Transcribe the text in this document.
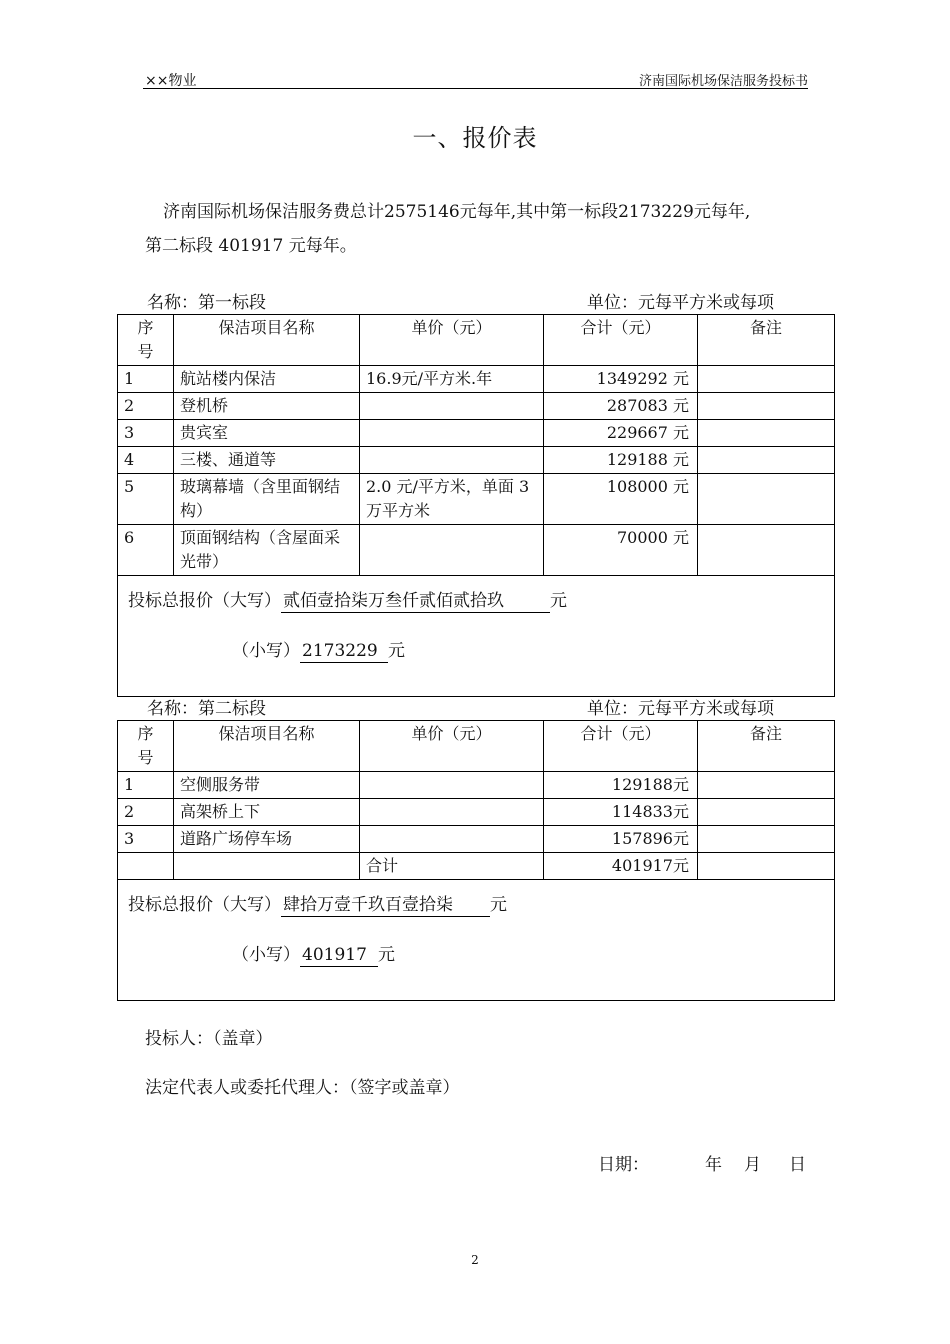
××物业	济南国际机场保洁服务投标书
一、报价表
济南国际机场保洁服务费总计2575146元每年,其中第一标段2173229元每年,
第二标段 401917 元每年。
名称：第一标段	单位：元每平方米或每项
序
号	保洁项目名称	单价（元）	合计（元）	备注
1	航站楼内保洁	16.9元/平方米.年	1349292 元	
2	登机桥		287083 元	
3	贵宾室		229667 元	
4	三楼、通道等		129188 元	
5	玻璃幕墙（含里面钢结构）	2.0 元/平方米，单面 3 万平方米	108000 元	
6	顶面钢结构（含屋面采光带）		70000 元	

投标总报价（大写） 贰佰壹拾柒万叁仟贰佰贰拾玖 元
（小写） 2173229 元				
名称：第二标段	单位：元每平方米或每项
序
号	保洁项目名称	单价（元）	合计（元）	备注
1	空侧服务带		129188元	
2	高架桥上下		114833元	
3	道路广场停车场		157896元	
		合计	401917元	

投标总报价（大写） 肆拾万壹千玖百壹拾柒 元
（小写） 401917 元				
投标人：（盖章）
法定代表人或委托代理人：（签字或盖章）
日期：	年 月 日
2
